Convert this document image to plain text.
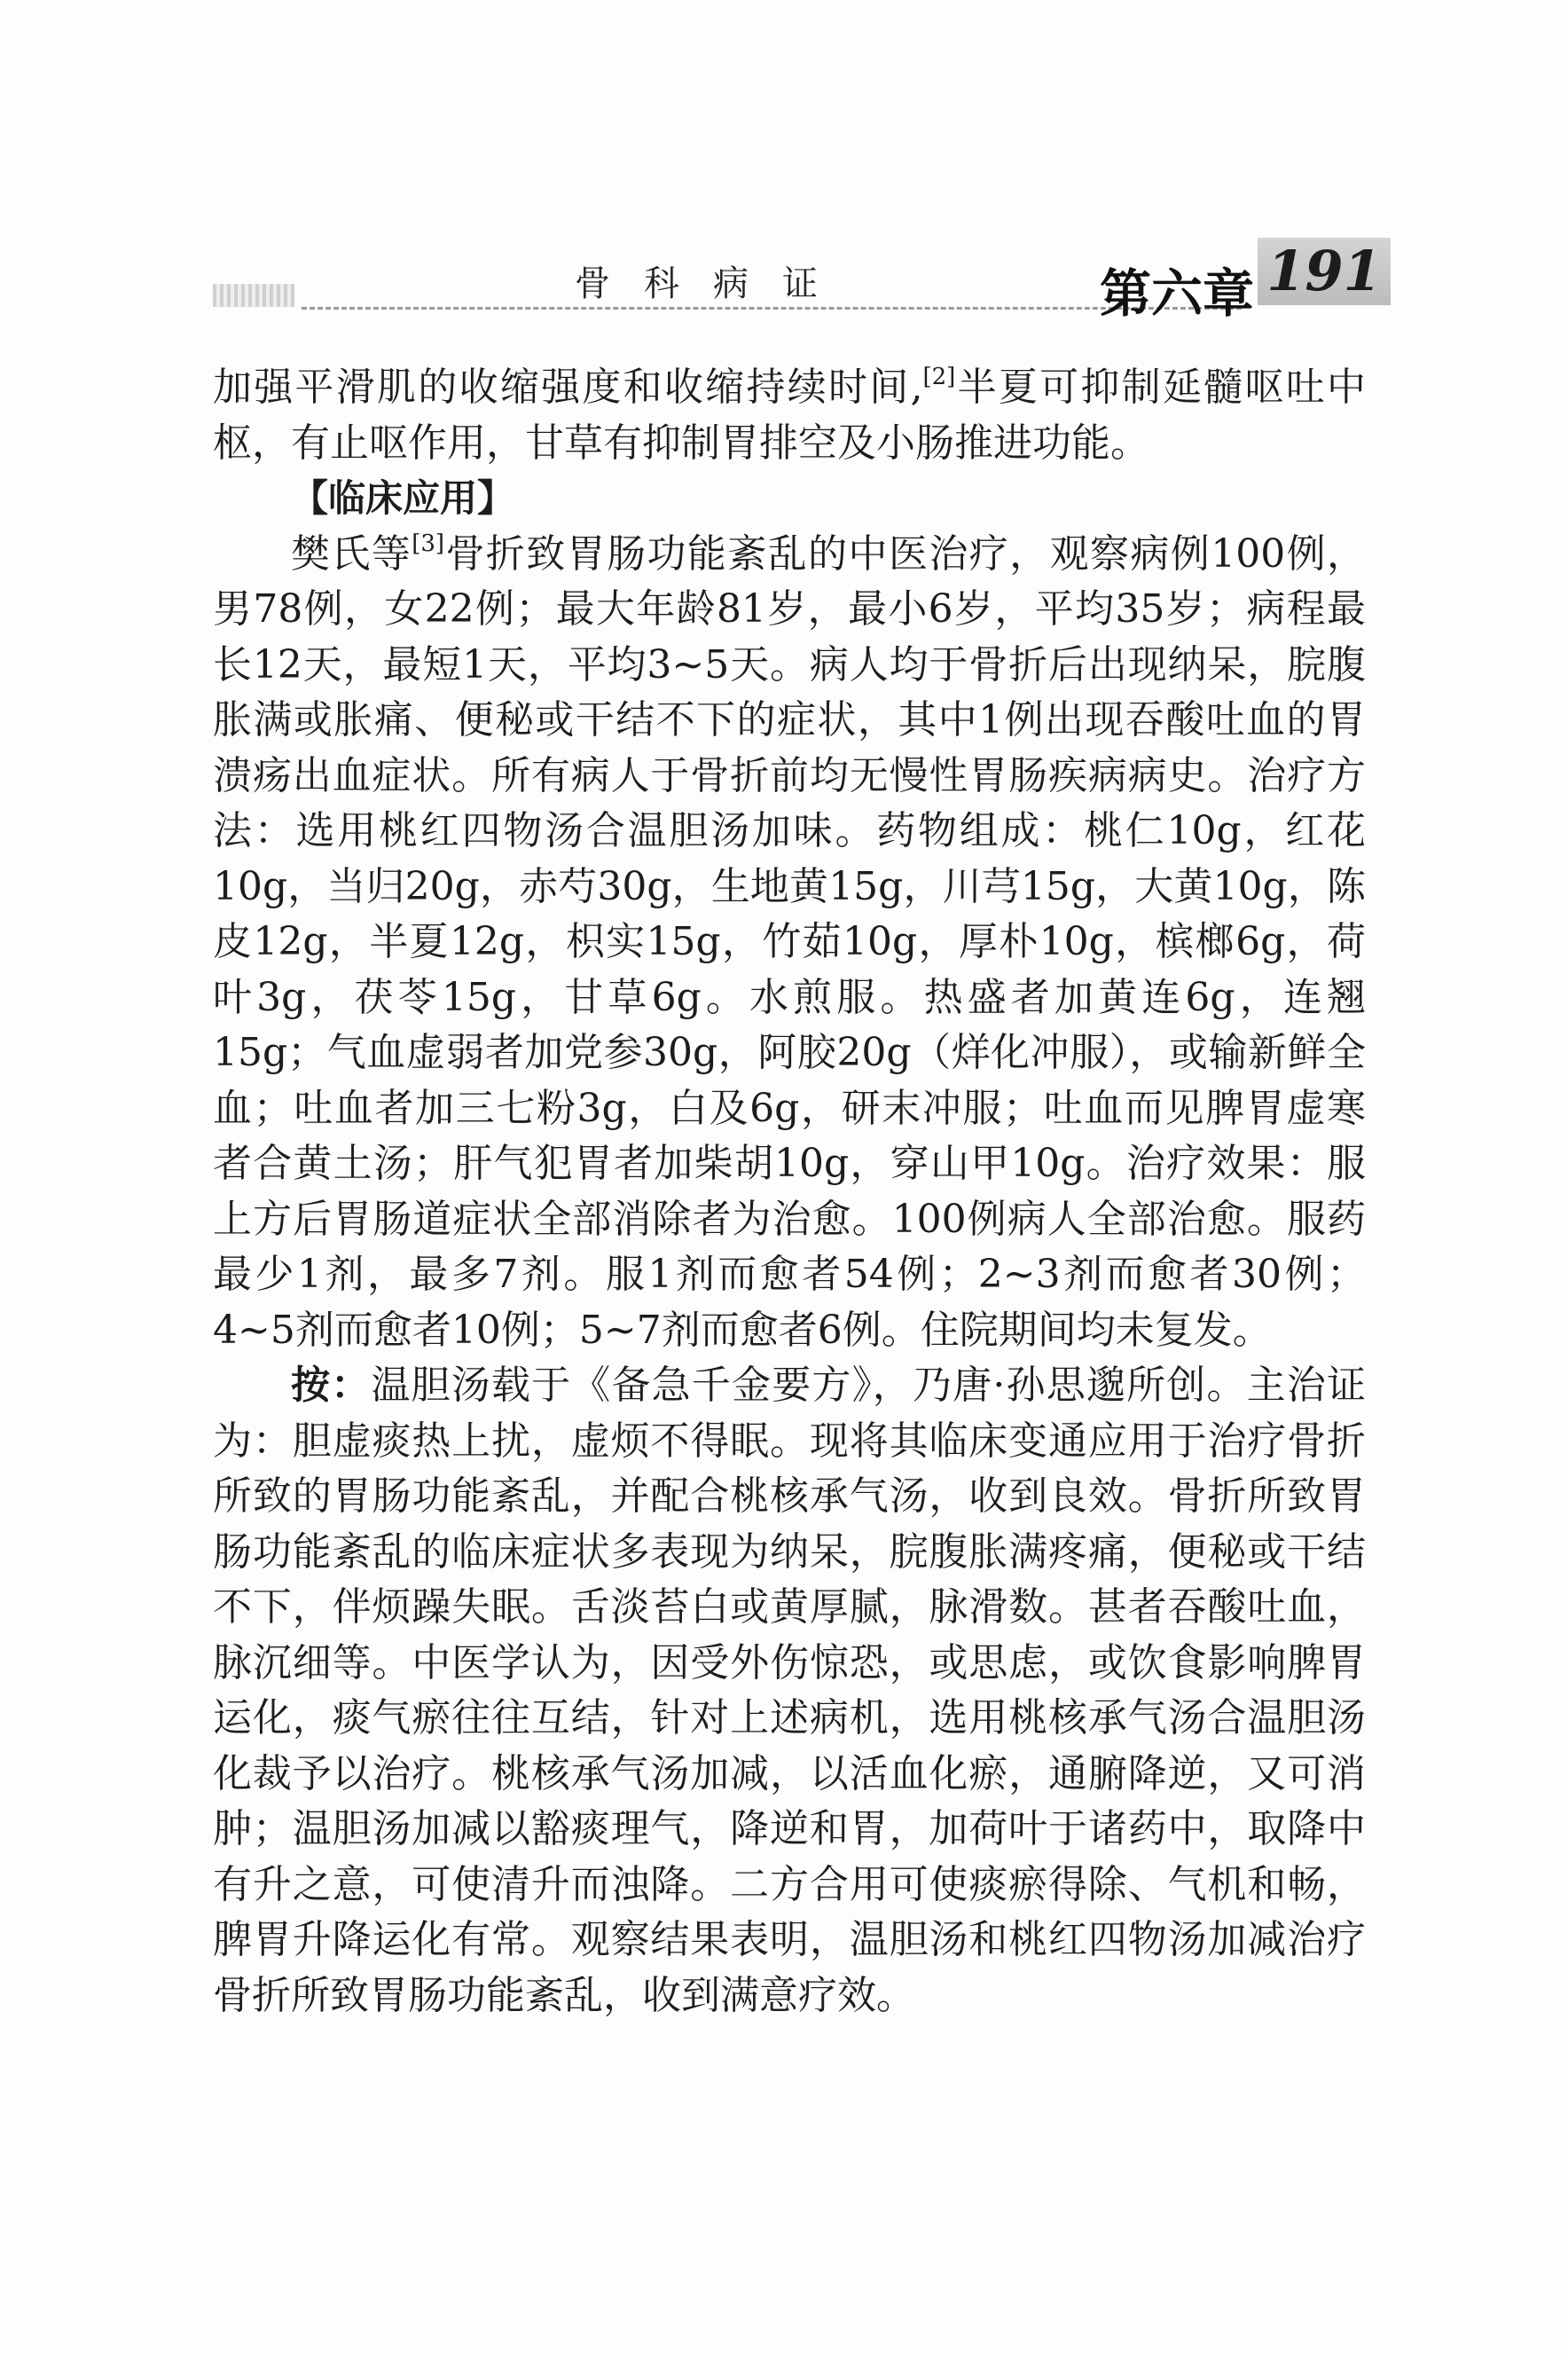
骨科病证	第六章 191

加强平滑肌的收缩强度和收缩持续时间,[2]半夏可抑制延髓呕吐中枢，有止呕作用，甘草有抑制胃排空及小肠推进功能。

【临床应用】

樊氏等[3]骨折致胃肠功能紊乱的中医治疗，观察病例100例，男78例，女22例；最大年龄81岁，最小6岁，平均35岁；病程最长12天，最短1天，平均3~5天。病人均于骨折后出现纳呆，脘腹胀满或胀痛、便秘或干结不下的症状，其中1例出现吞酸吐血的胃溃疡出血症状。所有病人于骨折前均无慢性胃肠疾病病史。治疗方法：选用桃红四物汤合温胆汤加味。药物组成：桃仁10g，红花10g，当归20g，赤芍30g，生地黄15g，川芎15g，大黄10g，陈皮12g，半夏12g，枳实15g，竹茹10g，厚朴10g，槟榔6g，荷叶3g，茯苓15g，甘草6g。水煎服。热盛者加黄连6g，连翘15g；气血虚弱者加党参30g，阿胶20g（烊化冲服），或输新鲜全血；吐血者加三七粉3g，白及6g，研末冲服；吐血而见脾胃虚寒者合黄土汤；肝气犯胃者加柴胡10g，穿山甲10g。治疗效果：服上方后胃肠道症状全部消除者为治愈。100例病人全部治愈。服药最少1剂，最多7剂。服1剂而愈者54例；2~3剂而愈者30例；4~5剂而愈者10例；5~7剂而愈者6例。住院期间均未复发。

按：温胆汤载于《备急千金要方》，乃唐·孙思邈所创。主治证为：胆虚痰热上扰，虚烦不得眠。现将其临床变通应用于治疗骨折所致的胃肠功能紊乱，并配合桃核承气汤，收到良效。骨折所致胃肠功能紊乱的临床症状多表现为纳呆，脘腹胀满疼痛，便秘或干结不下，伴烦躁失眠。舌淡苔白或黄厚腻，脉滑数。甚者吞酸吐血，脉沉细等。中医学认为，因受外伤惊恐，或思虑，或饮食影响脾胃运化，痰气瘀往往互结，针对上述病机，选用桃核承气汤合温胆汤化裁予以治疗。桃核承气汤加减，以活血化瘀，通腑降逆，又可消肿；温胆汤加减以豁痰理气，降逆和胃，加荷叶于诸药中，取降中有升之意，可使清升而浊降。二方合用可使痰瘀得除、气机和畅，脾胃升降运化有常。观察结果表明，温胆汤和桃红四物汤加减治疗骨折所致胃肠功能紊乱，收到满意疗效。
